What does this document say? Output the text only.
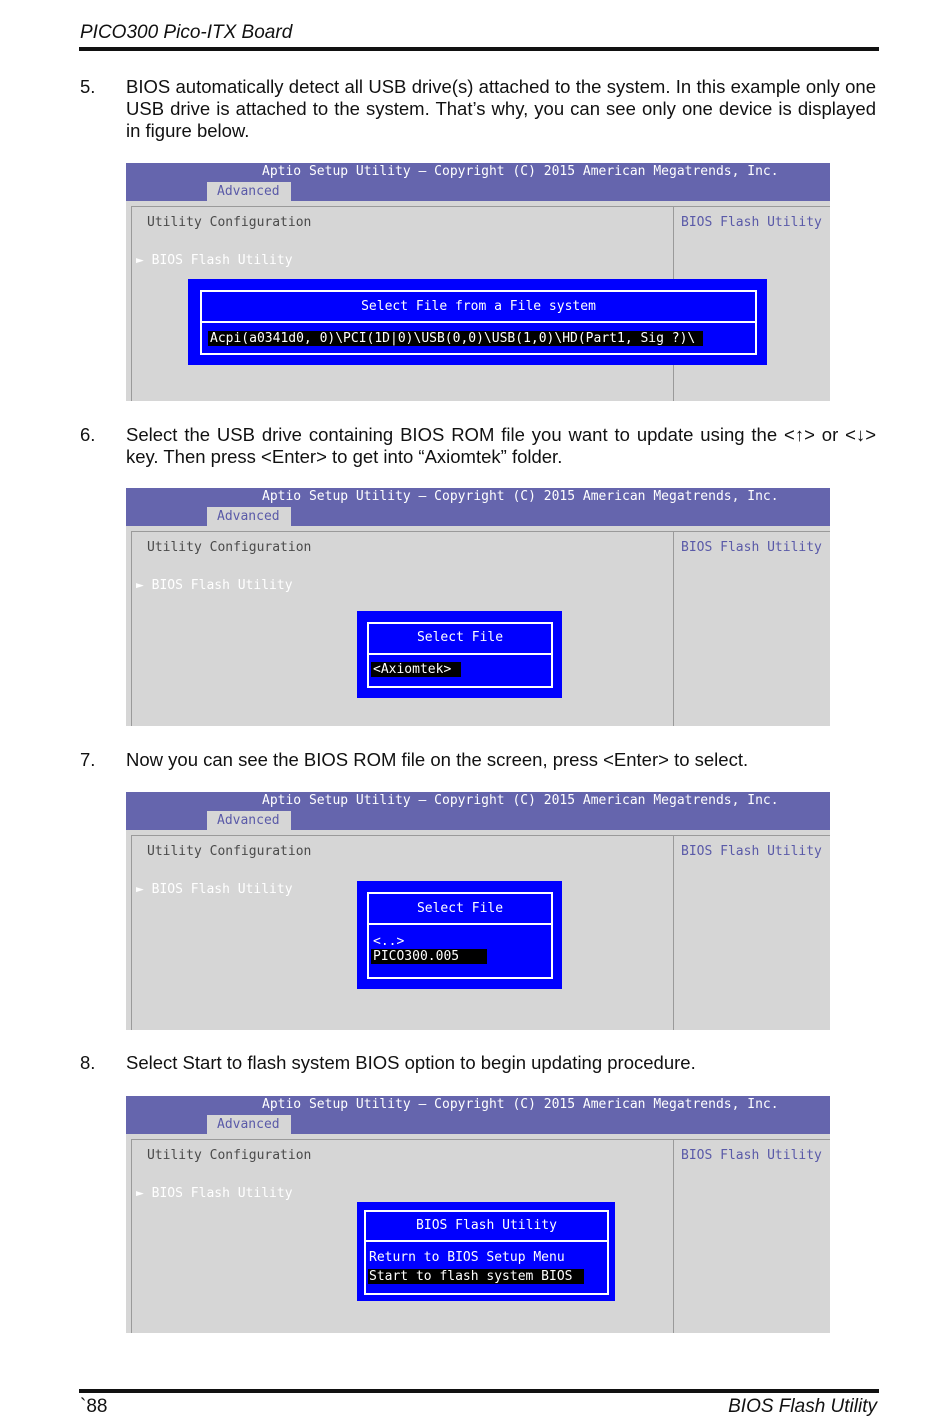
PICO300 Pico-ITX Board
5. BIOS automatically detect all USB drive(s) attached to the system. In this example only one USB drive is attached to the system. That’s why, you can see only one device is displayed in figure below.
Aptio Setup Utility – Copyright (C) 2015 American Megatrends, Inc.
Advanced
Utility Configuration
► BIOS Flash Utility
BIOS Flash Utility
Select File from a File system
Acpi(a0341d0, 0)\PCI(1D|0)\USB(0,0)\USB(1,0)\HD(Part1, Sig ?)\
6. Select the USB drive containing BIOS ROM file you want to update using the <↑> or <↓> key. Then press <Enter> to get into “Axiomtek” folder.
Aptio Setup Utility – Copyright (C) 2015 American Megatrends, Inc.
Advanced
Utility Configuration
► BIOS Flash Utility
BIOS Flash Utility
Select File
<Axiomtek>
7. Now you can see the BIOS ROM file on the screen, press <Enter> to select.
Aptio Setup Utility – Copyright (C) 2015 American Megatrends, Inc.
Advanced
Utility Configuration
► BIOS Flash Utility
BIOS Flash Utility
Select File
<..>
PICO300.005
8. Select Start to flash system BIOS option to begin updating procedure.
Aptio Setup Utility – Copyright (C) 2015 American Megatrends, Inc.
Advanced
Utility Configuration
► BIOS Flash Utility
BIOS Flash Utility
BIOS Flash Utility
Return to BIOS Setup Menu
Start to flash system BIOS
`88	BIOS Flash Utility
